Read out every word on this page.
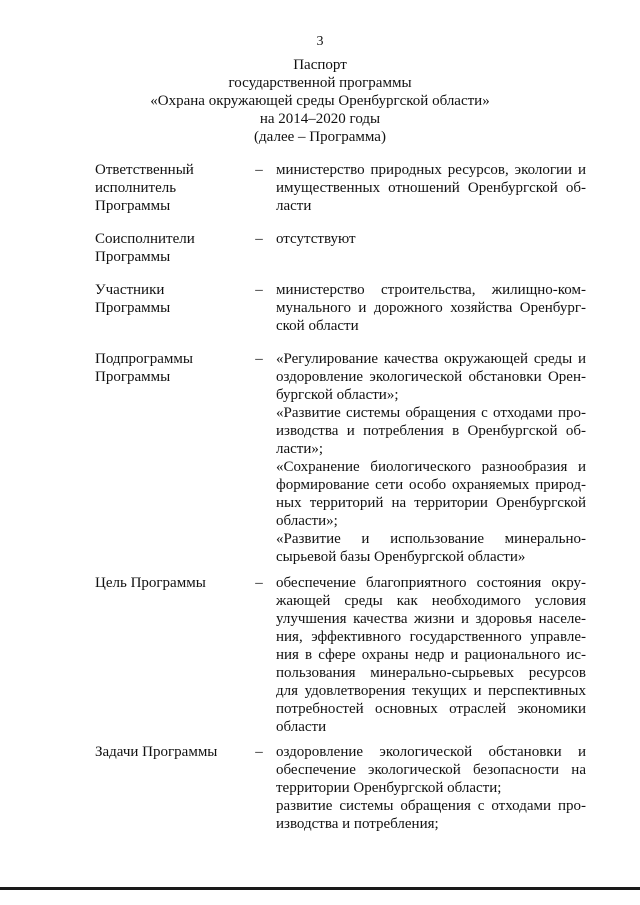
3
Паспорт
государственной программы
«Охрана окружающей среды Оренбургской области»
на 2014–2020 годы
(далее – Программа)
Ответственный
исполнитель
Программы
– министерство природных ресурсов, экологии и
имущественных отношений Оренбургской об-
ласти
Соисполнители
Программы
– отсутствуют
Участники
Программы
– министерство строительства, жилищно-ком-
мунального и дорожного хозяйства Оренбург-
ской области
Подпрограммы
Программы
– «Регулирование качества окружающей среды и
оздоровление экологической обстановки Орен-
бургской области»;
«Развитие системы обращения с отходами про-
изводства и потребления в Оренбургской об-
ласти»;
«Сохранение биологического разнообразия и
формирование сети особо охраняемых природ-
ных территорий на территории Оренбургской
области»;
«Развитие и использование минерально-
сырьевой базы Оренбургской области»
Цель Программы	– обеспечение благоприятного состояния окру-
жающей среды как необходимого условия
улучшения качества жизни и здоровья населе-
ния, эффективного государственного управле-
ния в сфере охраны недр и рационального ис-
пользования минерально-сырьевых ресурсов
для удовлетворения текущих и перспективных
потребностей основных отраслей экономики
области
Задачи Программы	– оздоровление экологической обстановки и
обеспечение экологической безопасности на
территории Оренбургской области;
развитие системы обращения с отходами про-
изводства и потребления;
